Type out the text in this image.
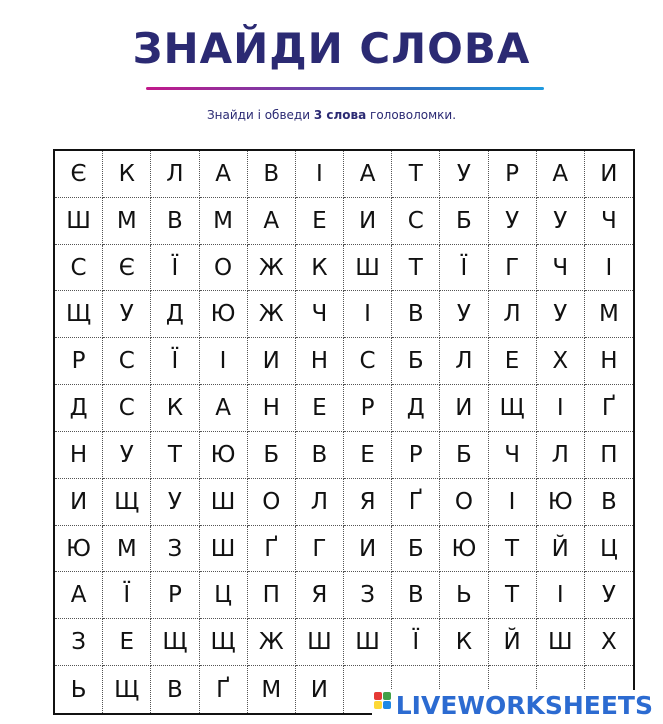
ЗНАЙДИ СЛОВА
Знайди і обведи 3 слова головоломки.
Є	К	Л	А	В	І	А	Т	У	Р	А	И
Ш	М	В	М	А	Е	И	С	Б	У	У	Ч
С	Є	Ї	О	Ж	К	Ш	Т	Ї	Г	Ч	І
Щ	У	Д	Ю	Ж	Ч	І	В	У	Л	У	М
Р	С	Ї	І	И	Н	С	Б	Л	Е	Х	Н
Д	С	К	А	Н	Е	Р	Д	И	Щ	І	Ґ
Н	У	Т	Ю	Б	В	Е	Р	Б	Ч	Л	П
И	Щ	У	Ш	О	Л	Я	Ґ	О	І	Ю	В
Ю	М	З	Ш	Ґ	Г	И	Б	Ю	Т	Й	Ц
А	Ї	Р	Ц	П	Я	З	В	Ь	Т	І	У
З	Е	Щ	Щ	Ж	Ш	Ш	Ї	К	Й	Ш	Х
Ь	Щ	В	Ґ	М	И
LIVEWORKSHEETS
